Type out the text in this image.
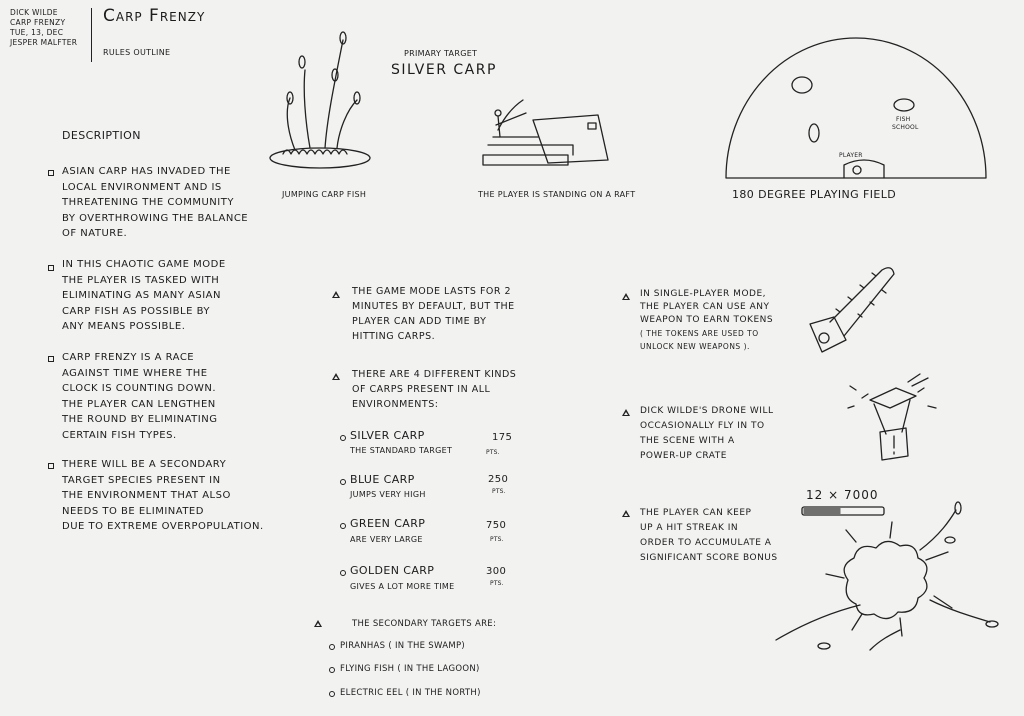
DICK WILDE
CARP FRENZY
TUE, 13, DEC
JESPER MALFTER
Carp Frenzy
RULES OUTLINE
JUMPING CARP FISH
PRIMARY TARGET
SILVER CARP
THE PLAYER IS STANDING ON A RAFT
PLAYER
FISH
SCHOOL
180 DEGREE PLAYING FIELD
DESCRIPTION
ASIAN CARP HAS INVADED THE
LOCAL ENVIRONMENT AND IS
THREATENING THE COMMUNITY
BY OVERTHROWING THE BALANCE
OF NATURE.
IN THIS CHAOTIC GAME MODE
THE PLAYER IS TASKED WITH
ELIMINATING AS MANY ASIAN
CARP FISH AS POSSIBLE BY
ANY MEANS POSSIBLE.
CARP FRENZY IS A RACE
AGAINST TIME WHERE THE
CLOCK IS COUNTING DOWN.
THE PLAYER CAN LENGTHEN
THE ROUND BY ELIMINATING
CERTAIN FISH TYPES.
THERE WILL BE A SECONDARY
TARGET SPECIES PRESENT IN
THE ENVIRONMENT THAT ALSO
NEEDS TO BE ELIMINATED
DUE TO EXTREME OVERPOPULATION.
THE GAME MODE LASTS FOR 2
MINUTES BY DEFAULT, BUT THE
PLAYER CAN ADD TIME BY
HITTING CARPS.
THERE ARE 4 DIFFERENT KINDS
OF CARPS PRESENT IN ALL
ENVIRONMENTS:
SILVER CARP
THE STANDARD TARGET
175
PTS.
BLUE CARP
JUMPS VERY HIGH
250
PTS.
GREEN CARP
ARE VERY LARGE
750
PTS.
GOLDEN CARP
GIVES A LOT MORE TIME
300
PTS.
THE SECONDARY TARGETS ARE:
PIRANHAS ( IN THE SWAMP)
FLYING FISH ( IN THE LAGOON)
ELECTRIC EEL ( IN THE NORTH)
IN SINGLE-PLAYER MODE,
THE PLAYER CAN USE ANY
WEAPON TO EARN TOKENS
( THE TOKENS ARE USED TO
UNLOCK NEW WEAPONS ).
DICK WILDE'S DRONE WILL
OCCASIONALLY FLY IN TO
THE SCENE WITH A
POWER-UP CRATE
THE PLAYER CAN KEEP
UP A HIT STREAK IN
ORDER TO ACCUMULATE A
SIGNIFICANT SCORE BONUS
12 × 7000
